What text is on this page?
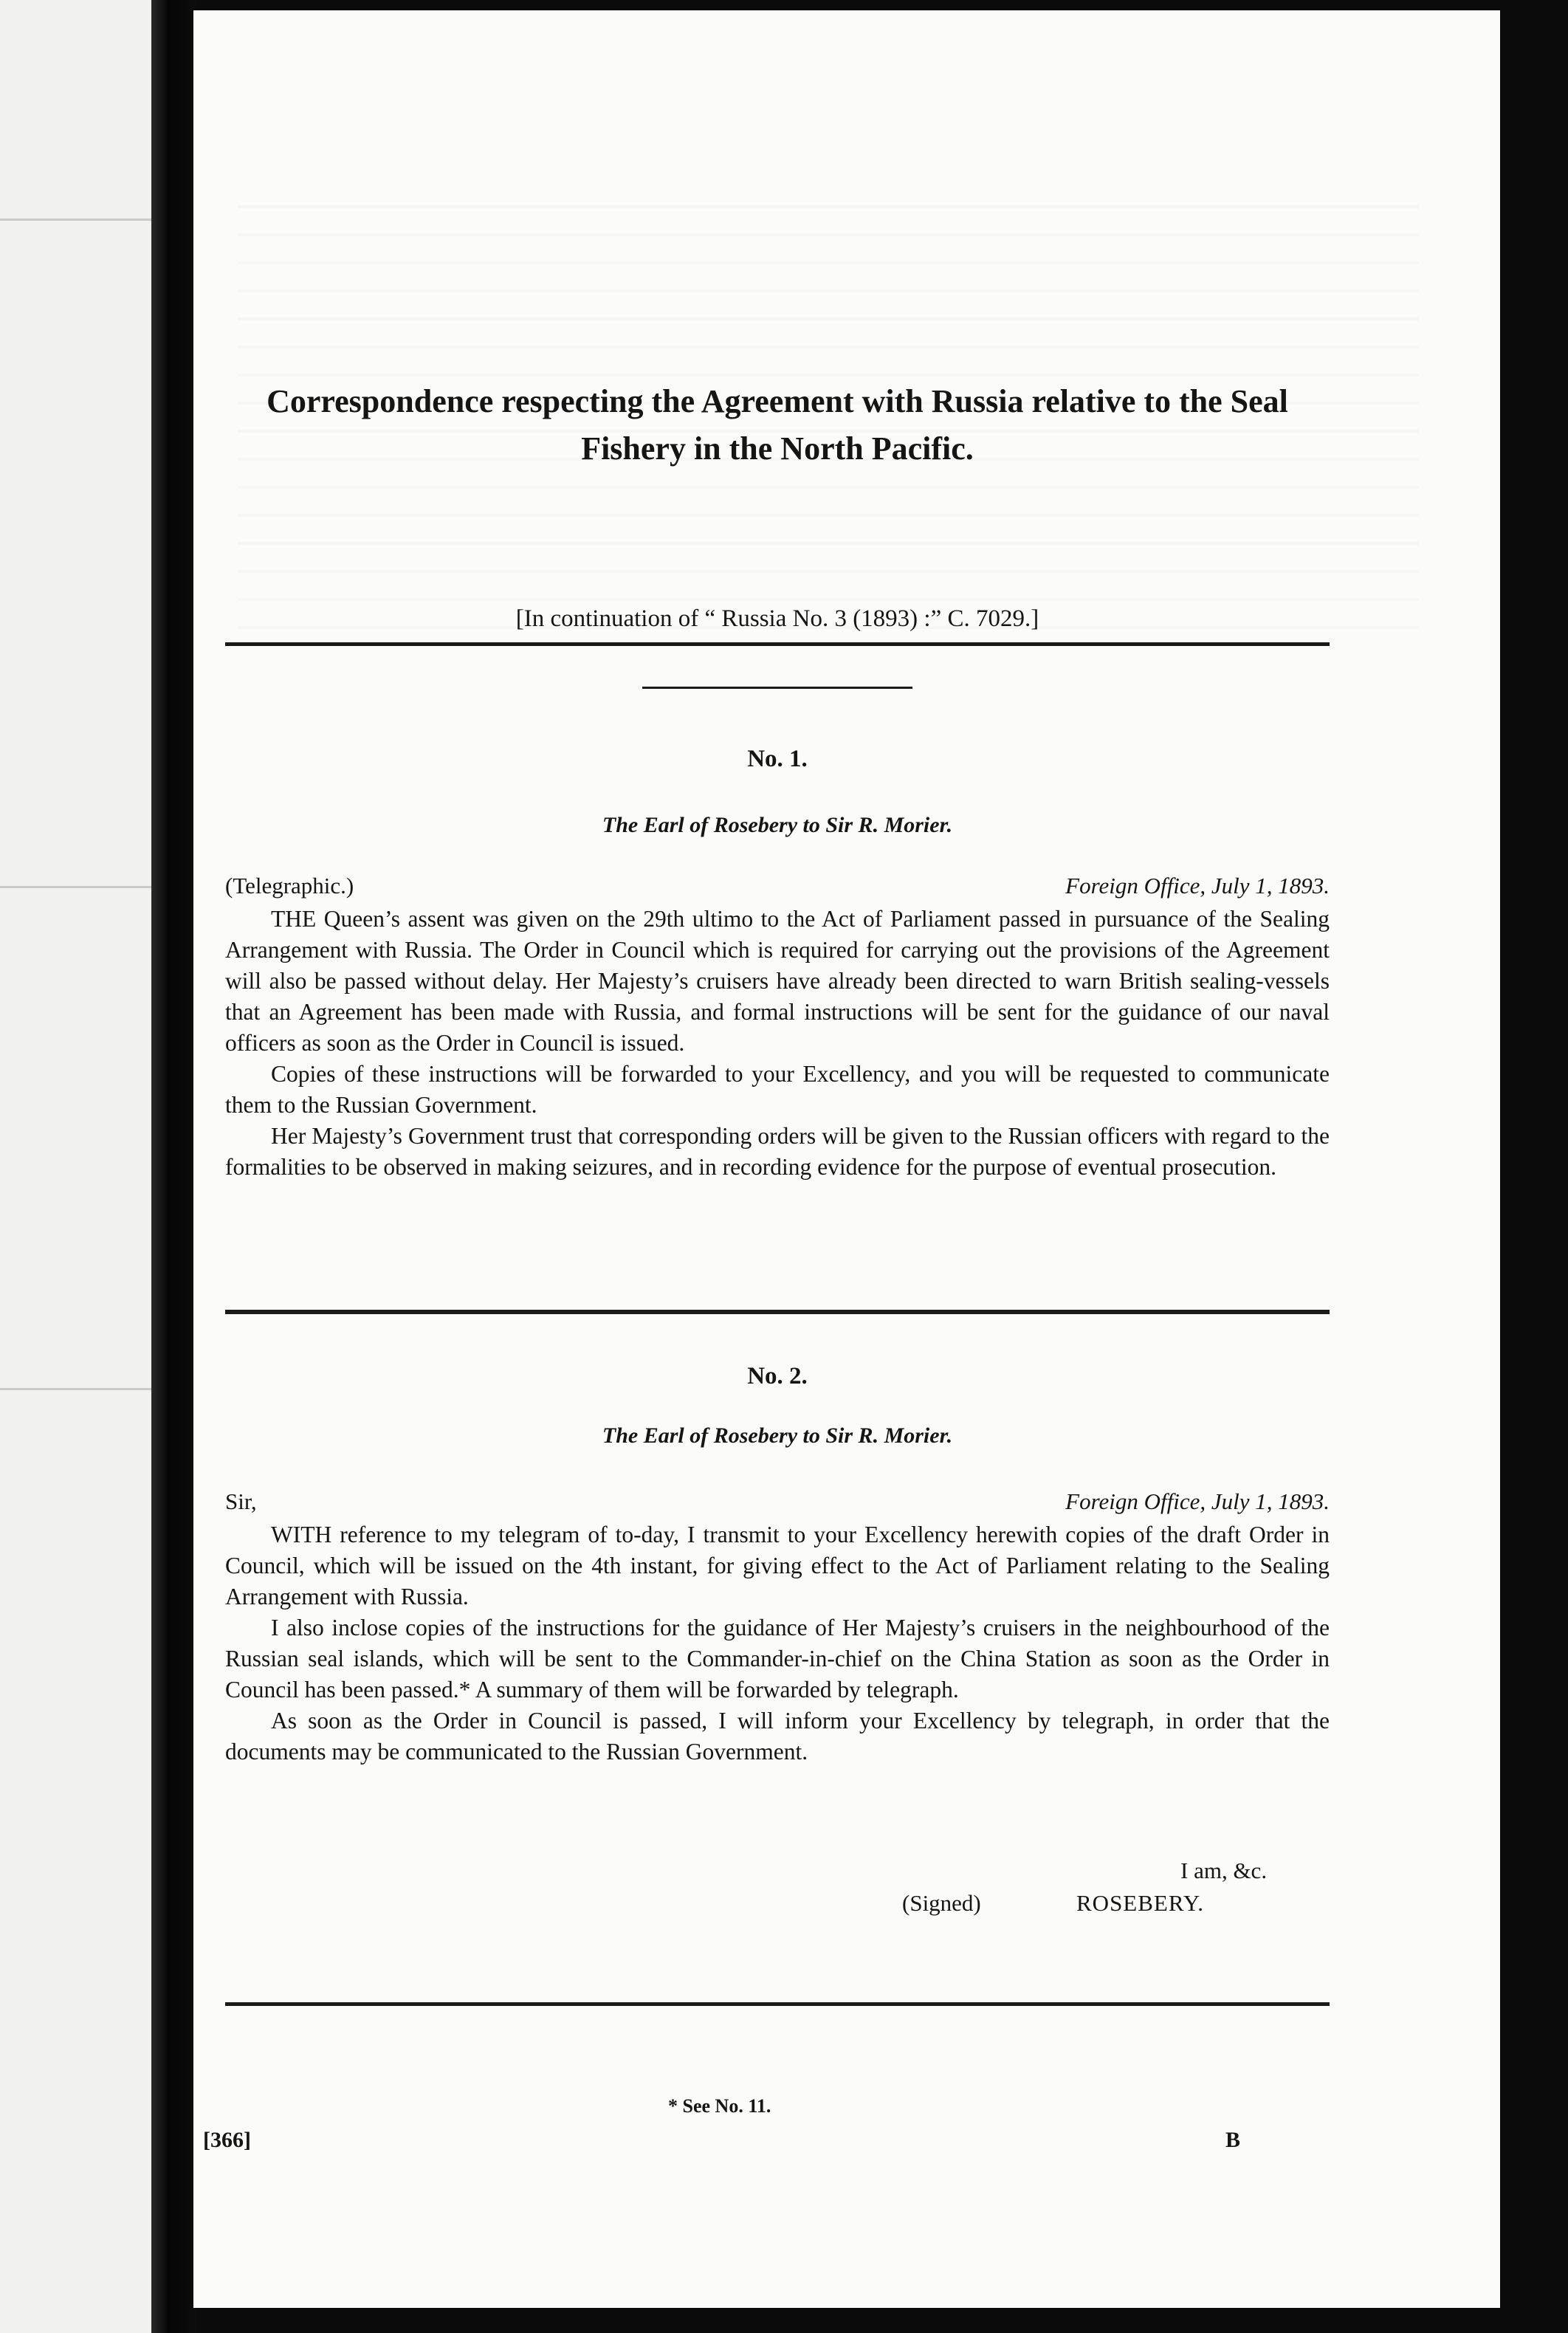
Correspondence respecting the Agreement with Russia relative to the Seal Fishery in the North Pacific.
[In continuation of “ Russia No. 3 (1893) :” C. 7029.]
No. 1.
The Earl of Rosebery to Sir R. Morier.
(Telegraphic.)	Foreign Office, July 1, 1893.

THE Queen’s assent was given on the 29th ultimo to the Act of Parliament passed in pursuance of the Sealing Arrangement with Russia. The Order in Council which is required for carrying out the provisions of the Agreement will also be passed without delay. Her Majesty’s cruisers have already been directed to warn British sealing-vessels that an Agreement has been made with Russia, and formal instructions will be sent for the guidance of our naval officers as soon as the Order in Council is issued.

Copies of these instructions will be forwarded to your Excellency, and you will be requested to communicate them to the Russian Government.

Her Majesty’s Government trust that corresponding orders will be given to the Russian officers with regard to the formalities to be observed in making seizures, and in recording evidence for the purpose of eventual prosecution.

No. 2.
The Earl of Rosebery to Sir R. Morier.
Sir,	Foreign Office, July 1, 1893.

WITH reference to my telegram of to-day, I transmit to your Excellency herewith copies of the draft Order in Council, which will be issued on the 4th instant, for giving effect to the Act of Parliament relating to the Sealing Arrangement with Russia.

I also inclose copies of the instructions for the guidance of Her Majesty’s cruisers in the neighbourhood of the Russian seal islands, which will be sent to the Commander-in-chief on the China Station as soon as the Order in Council has been passed.* A summary of them will be forwarded by telegraph.

As soon as the Order in Council is passed, I will inform your Excellency by telegraph, in order that the documents may be communicated to the Russian Government.

I am, &c.
(Signed)	ROSEBERY.
* See No. 11.
[366]	B
